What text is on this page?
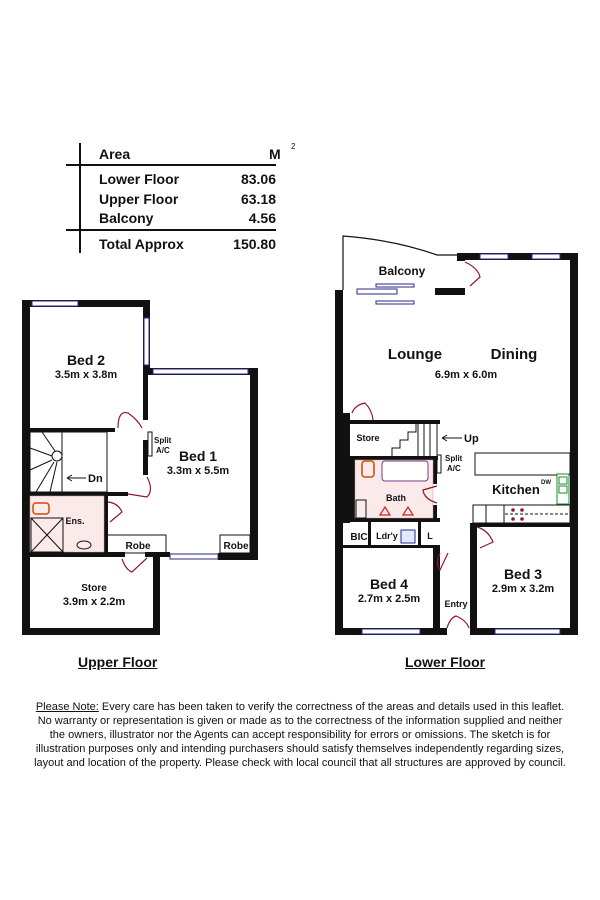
Area	M 2
Lower Floor	83.06
Upper Floor	63.18
Balcony	4.56
Total Approx	150.80
Bed 2
3.5m x 3.8m
Bed 1
3.3m x 5.5m
Split
A/C
Dn
Ens.
Robe	Robe
Store
3.9m x 2.2m
Balcony
Lounge	Dining
6.9m x 6.0m
Store	Up
Split
A/C
Bath
Kitchen DW
BIC Ldr'y	L
Bed 4
2.7m x 2.5m
Bed 3
2.9m x 3.2m
Entry
Upper Floor	Lower Floor
Please Note: Every care has been taken to verify the correctness of the areas and details used in this leaflet.
No warranty or representation is given or made as to the correctness of the information supplied and neither
the owners, illustrator nor the Agents can accept responsibility for errors or omissions. The sketch is for
illustration purposes only and intending purchasers should satisfy themselves independently regarding sizes,
layout and location of the property. Please check with local council that all structures are approved by council.
